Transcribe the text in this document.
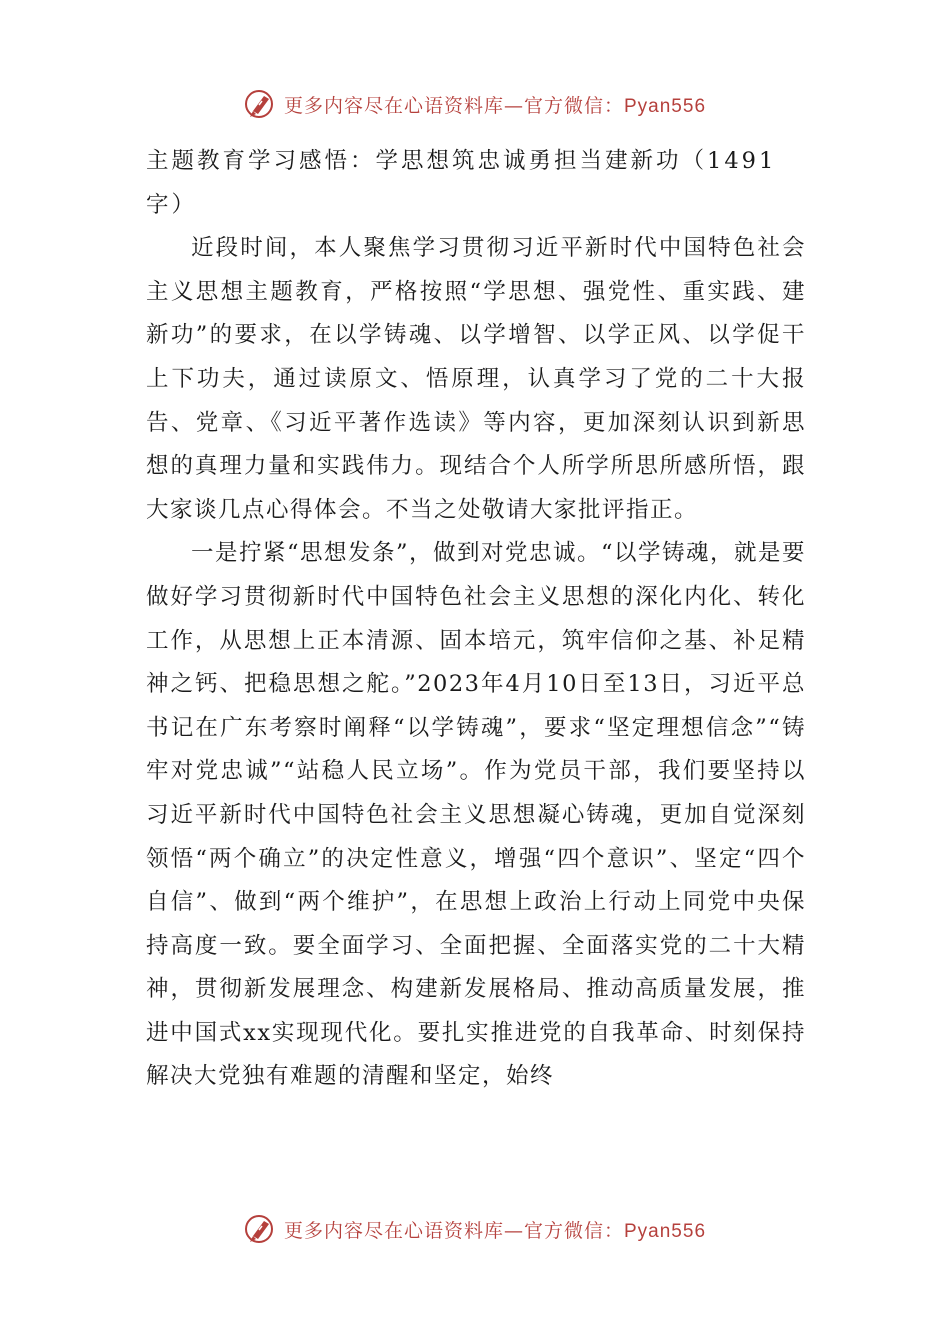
更多内容尽在心语资料库—官方微信：Pyan556
主题教育学习感悟：学思想筑忠诚勇担当建新功（1491字）

近段时间，本人聚焦学习贯彻习近平新时代中国特色社会主义思想主题教育，严格按照“学思想、强党性、重实践、建新功”的要求，在以学铸魂、以学增智、以学正风、以学促干上下功夫，通过读原文、悟原理，认真学习了党的二十大报告、党章、《习近平著作选读》等内容，更加深刻认识到新思想的真理力量和实践伟力。现结合个人所学所思所感所悟，跟大家谈几点心得体会。不当之处敬请大家批评指正。

一是拧紧“思想发条”，做到对党忠诚。“以学铸魂，就是要做好学习贯彻新时代中国特色社会主义思想的深化内化、转化工作，从思想上正本清源、固本培元，筑牢信仰之基、补足精神之钙、把稳思想之舵。”2023年4月10日至13日，习近平总书记在广东考察时阐释“以学铸魂”，要求“坚定理想信念”“铸牢对党忠诚”“站稳人民立场”。作为党员干部，我们要坚持以习近平新时代中国特色社会主义思想凝心铸魂，更加自觉深刻领悟“两个确立”的决定性意义，增强“四个意识”、坚定“四个自信”、做到“两个维护”，在思想上政治上行动上同党中央保持高度一致。要全面学习、全面把握、全面落实党的二十大精神，贯彻新发展理念、构建新发展格局、推动高质量发展，推进中国式xx实现现代化。要扎实推进党的自我革命、时刻保持解决大党独有难题的清醒和坚定，始终

更多内容尽在心语资料库—官方微信：Pyan556
